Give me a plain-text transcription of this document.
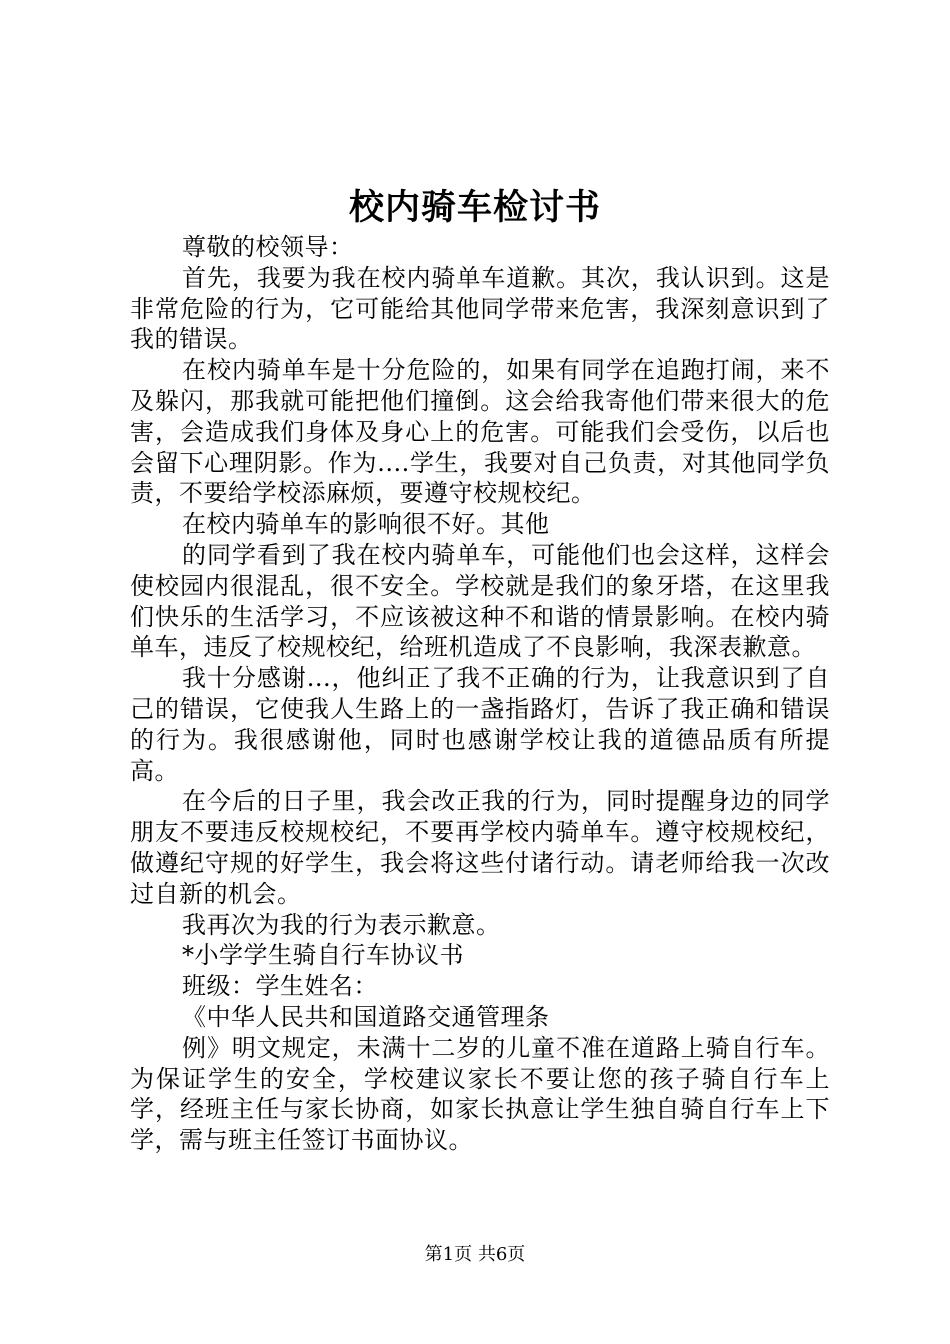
校内骑车检讨书

尊敬的校领导：

首先，我要为我在校内骑单车道歉。其次，我认识到。这是非常危险的行为，它可能给其他同学带来危害，我深刻意识到了我的错误。

在校内骑单车是十分危险的，如果有同学在追跑打闹，来不及躲闪，那我就可能把他们撞倒。这会给我寄他们带来很大的危害，会造成我们身体及身心上的危害。可能我们会受伤，以后也会留下心理阴影。作为....学生，我要对自己负责，对其他同学负责，不要给学校添麻烦，要遵守校规校纪。

在校内骑单车的影响很不好。其他

的同学看到了我在校内骑单车，可能他们也会这样，这样会使校园内很混乱，很不安全。学校就是我们的象牙塔，在这里我们快乐的生活学习，不应该被这种不和谐的情景影响。在校内骑单车，违反了校规校纪，给班机造成了不良影响，我深表歉意。

我十分感谢...，他纠正了我不正确的行为，让我意识到了自己的错误，它使我人生路上的一盏指路灯，告诉了我正确和错误的行为。我很感谢他，同时也感谢学校让我的道德品质有所提高。

在今后的日子里，我会改正我的行为，同时提醒身边的同学朋友不要违反校规校纪，不要再学校内骑单车。遵守校规校纪，做遵纪守规的好学生，我会将这些付诸行动。请老师给我一次改过自新的机会。

我再次为我的行为表示歉意。

*小学学生骑自行车协议书

班级：学生姓名：

《中华人民共和国道路交通管理条

例》明文规定，未满十二岁的儿童不准在道路上骑自行车。为保证学生的安全，学校建议家长不要让您的孩子骑自行车上学，经班主任与家长协商，如家长执意让学生独自骑自行车上下学，需与班主任签订书面协议。

第1页 共6页
